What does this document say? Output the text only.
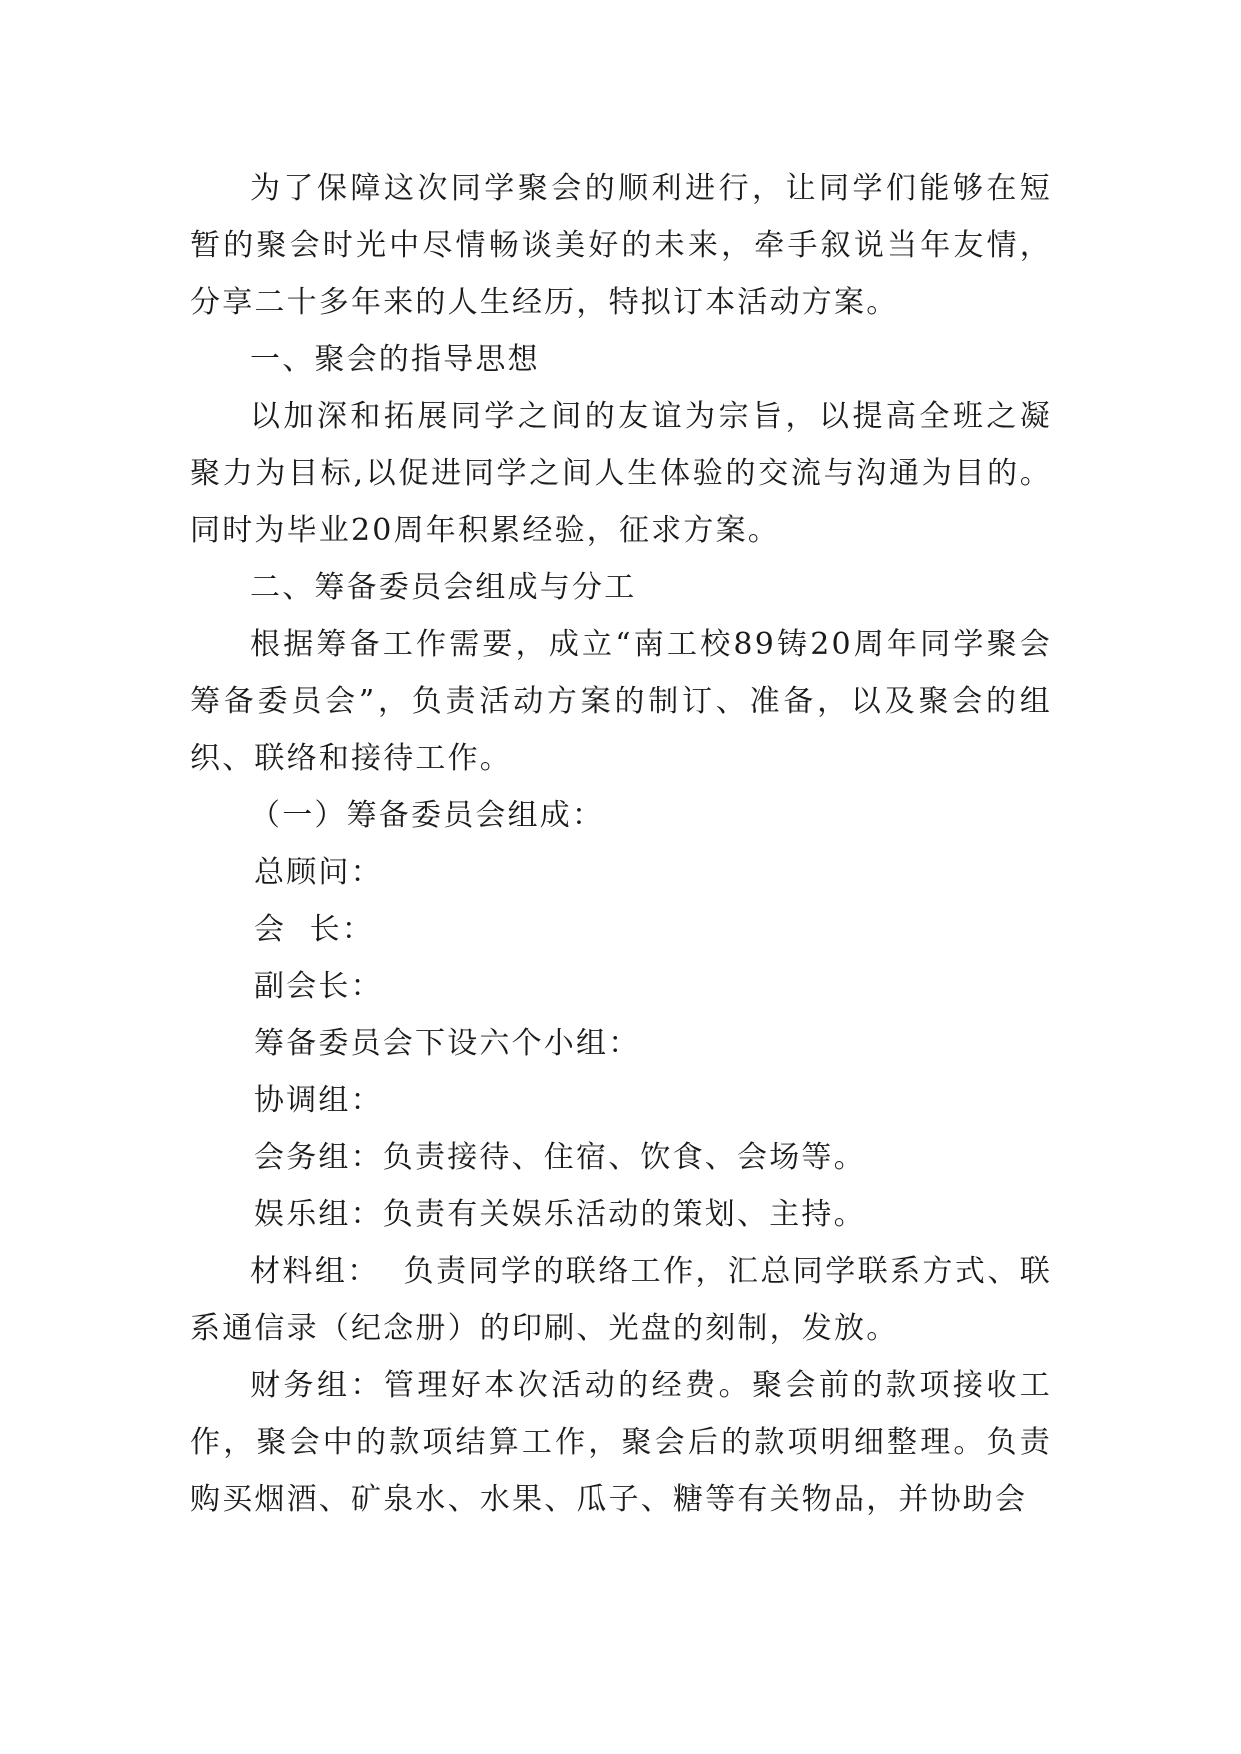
为了保障这次同学聚会的顺利进行，让同学们能够在短暂的聚会时光中尽情畅谈美好的未来，牵手叙说当年友情，分享二十多年来的人生经历，特拟订本活动方案。

一、聚会的指导思想

以加深和拓展同学之间的友谊为宗旨，以提高全班之凝聚力为目标,以促进同学之间人生体验的交流与沟通为目的。同时为毕业20周年积累经验，征求方案。

二、筹备委员会组成与分工

根据筹备工作需要，成立“南工校89铸20周年同学聚会筹备委员会”，负责活动方案的制订、准备，以及聚会的组织、联络和接待工作。

（一）筹备委员会组成：

总顾问：

会  长：

副会长：

筹备委员会下设六个小组：

协调组：

会务组：负责接待、住宿、饮食、会场等。

娱乐组：负责有关娱乐活动的策划、主持。

材料组：  负责同学的联络工作，汇总同学联系方式、联系通信录（纪念册）的印刷、光盘的刻制，发放。

财务组：管理好本次活动的经费。聚会前的款项接收工作，聚会中的款项结算工作，聚会后的款项明细整理。负责购买烟酒、矿泉水、水果、瓜子、糖等有关物品，并协助会
